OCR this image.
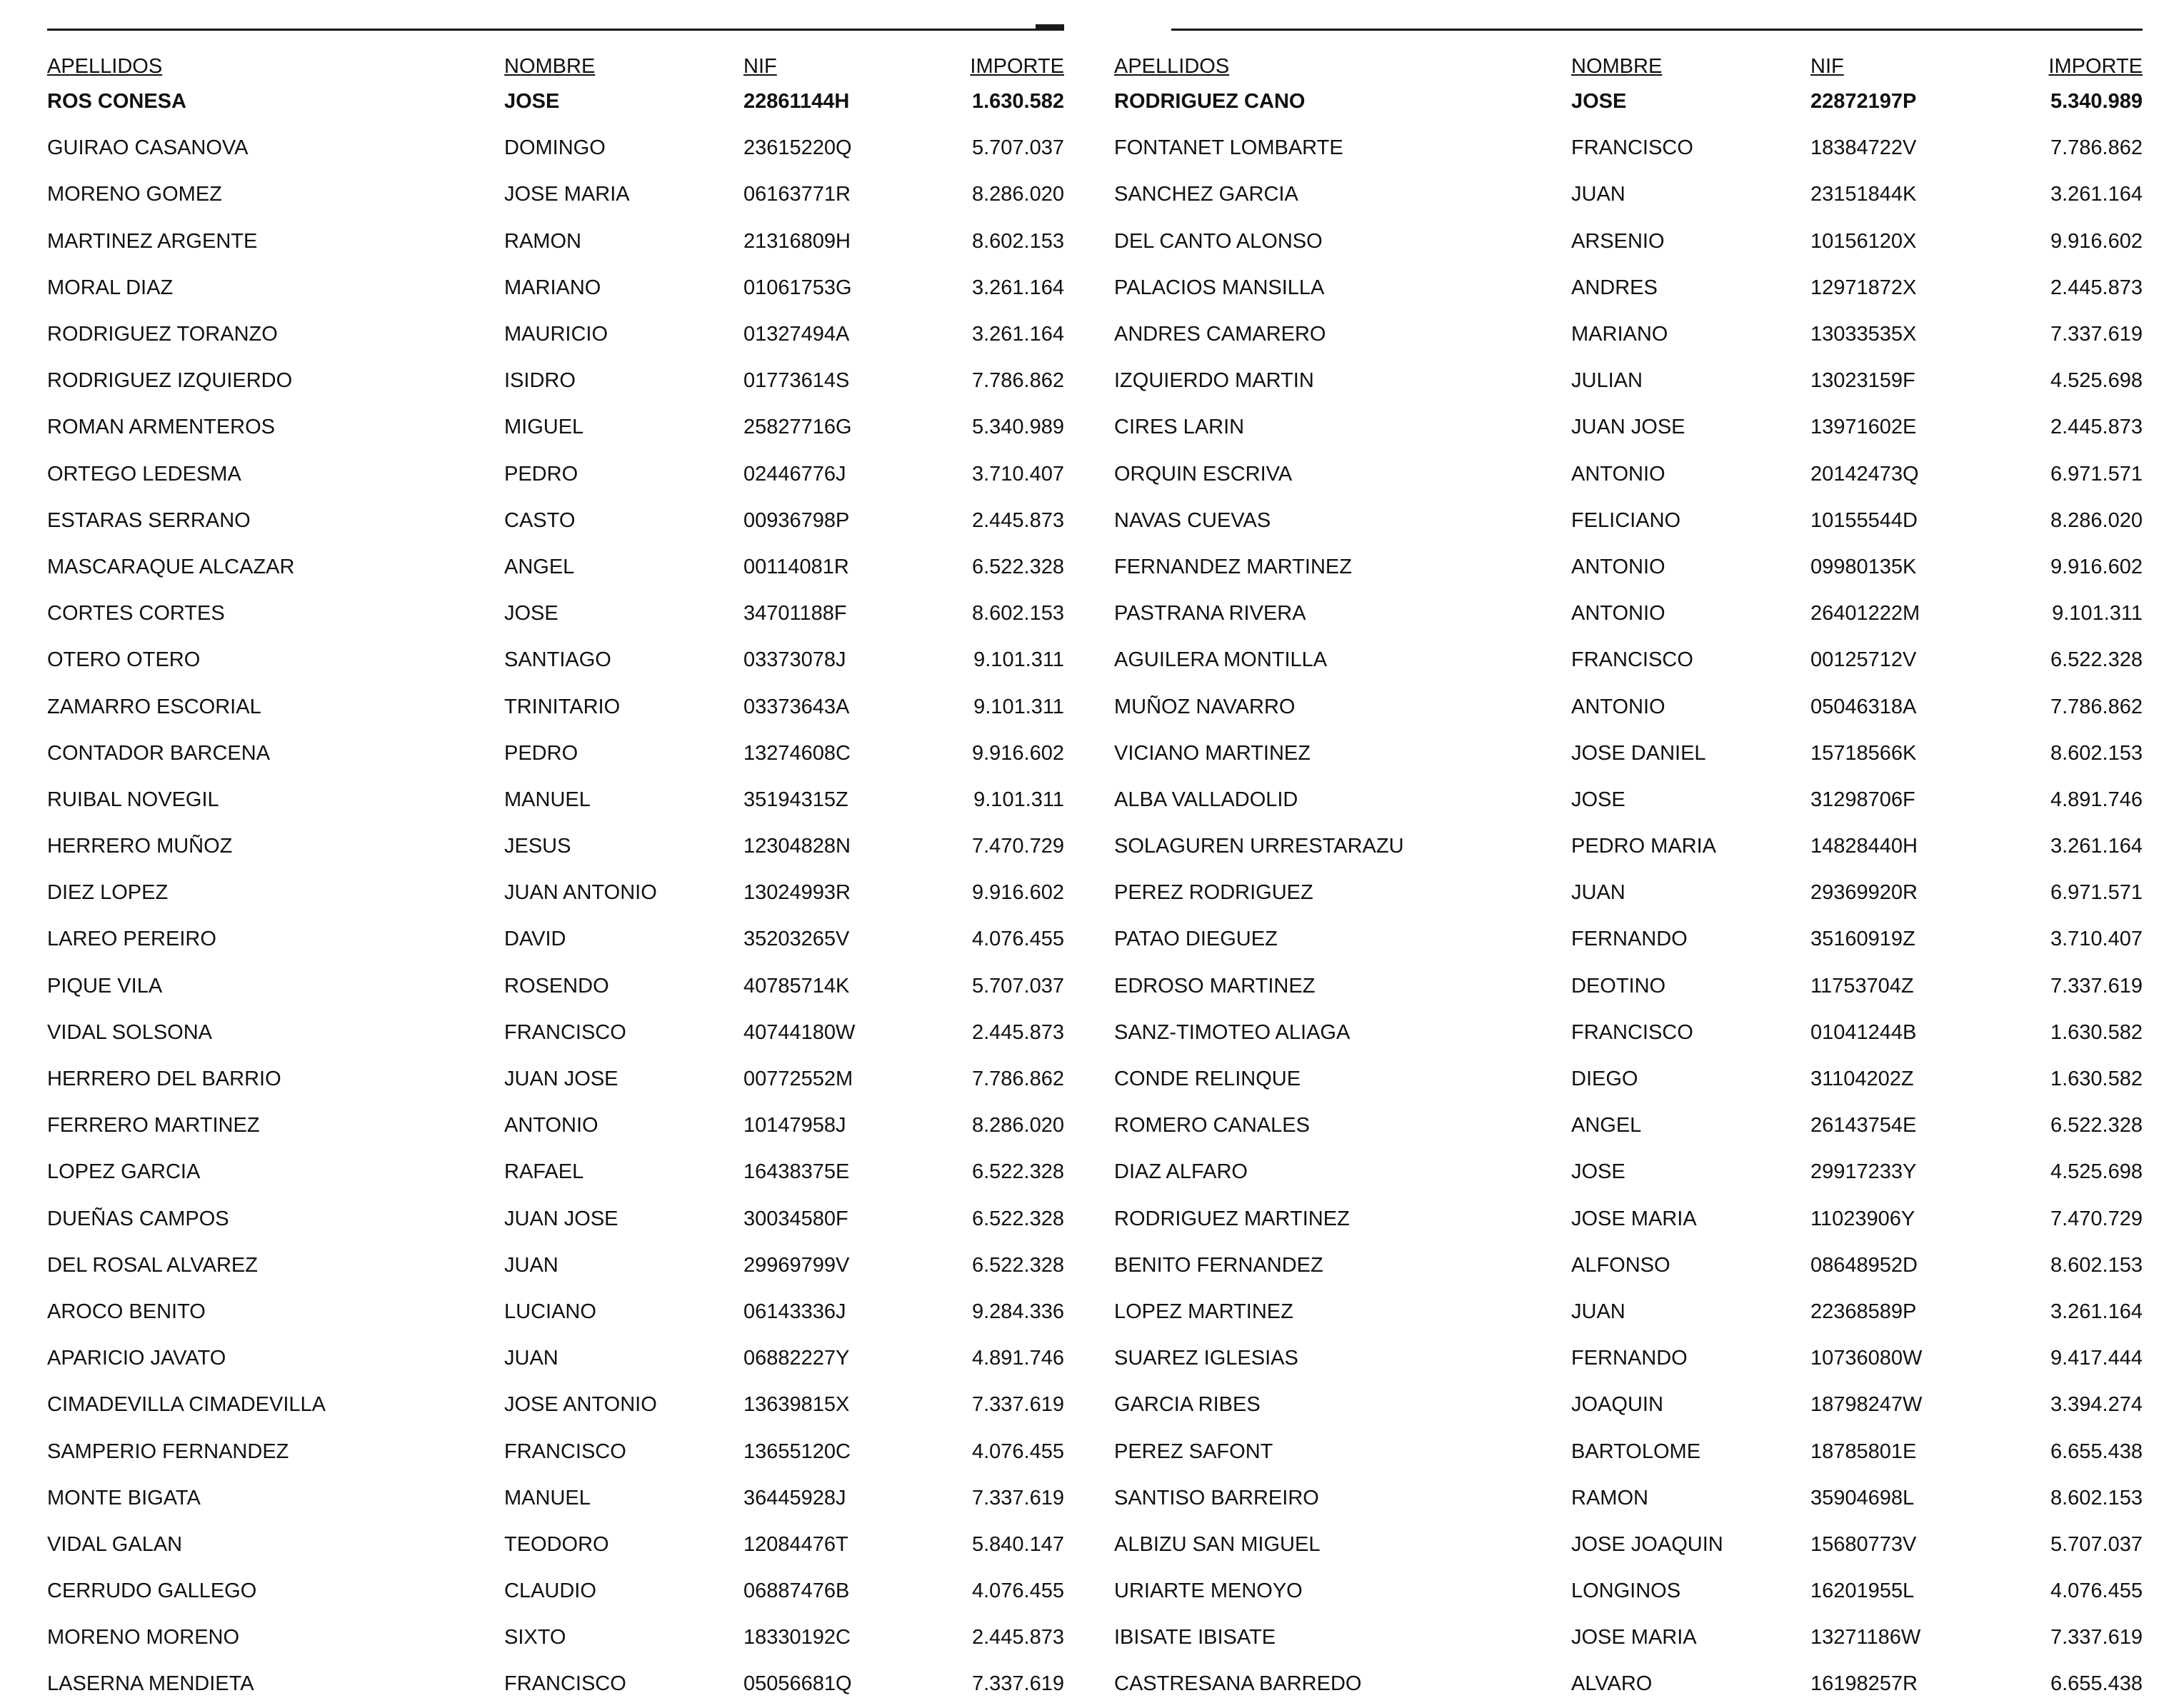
APELLIDOS	NOMBRE	NIF	IMPORTE
ROS CONESA	JOSE	22861144H	1.630.582
GUIRAO CASANOVA	DOMINGO	23615220Q	5.707.037
MORENO GOMEZ	JOSE MARIA	06163771R	8.286.020
MARTINEZ ARGENTE	RAMON	21316809H	8.602.153
MORAL DIAZ	MARIANO	01061753G	3.261.164
RODRIGUEZ TORANZO	MAURICIO	01327494A	3.261.164
RODRIGUEZ IZQUIERDO	ISIDRO	01773614S	7.786.862
ROMAN ARMENTEROS	MIGUEL	25827716G	5.340.989
ORTEGO LEDESMA	PEDRO	02446776J	3.710.407
ESTARAS SERRANO	CASTO	00936798P	2.445.873
MASCARAQUE ALCAZAR	ANGEL	00114081R	6.522.328
CORTES CORTES	JOSE	34701188F	8.602.153
OTERO OTERO	SANTIAGO	03373078J	9.101.311
ZAMARRO ESCORIAL	TRINITARIO	03373643A	9.101.311
CONTADOR BARCENA	PEDRO	13274608C	9.916.602
RUIBAL NOVEGIL	MANUEL	35194315Z	9.101.311
HERRERO MUÑOZ	JESUS	12304828N	7.470.729
DIEZ LOPEZ	JUAN ANTONIO	13024993R	9.916.602
LAREO PEREIRO	DAVID	35203265V	4.076.455
PIQUE VILA	ROSENDO	40785714K	5.707.037
VIDAL SOLSONA	FRANCISCO	40744180W	2.445.873
HERRERO DEL BARRIO	JUAN JOSE	00772552M	7.786.862
FERRERO MARTINEZ	ANTONIO	10147958J	8.286.020
LOPEZ GARCIA	RAFAEL	16438375E	6.522.328
DUEÑAS CAMPOS	JUAN JOSE	30034580F	6.522.328
DEL ROSAL ALVAREZ	JUAN	29969799V	6.522.328
AROCO BENITO	LUCIANO	06143336J	9.284.336
APARICIO JAVATO	JUAN	06882227Y	4.891.746
CIMADEVILLA CIMADEVILLA	JOSE ANTONIO	13639815X	7.337.619
SAMPERIO FERNANDEZ	FRANCISCO	13655120C	4.076.455
MONTE BIGATA	MANUEL	36445928J	7.337.619
VIDAL GALAN	TEODORO	12084476T	5.840.147
CERRUDO GALLEGO	CLAUDIO	06887476B	4.076.455
MORENO MORENO	SIXTO	18330192C	2.445.873
LASERNA MENDIETA	FRANCISCO	05056681Q	7.337.619
APELLIDOS	NOMBRE	NIF	IMPORTE
RODRIGUEZ CANO	JOSE	22872197P	5.340.989
FONTANET LOMBARTE	FRANCISCO	18384722V	7.786.862
SANCHEZ GARCIA	JUAN	23151844K	3.261.164
DEL CANTO ALONSO	ARSENIO	10156120X	9.916.602
PALACIOS MANSILLA	ANDRES	12971872X	2.445.873
ANDRES CAMARERO	MARIANO	13033535X	7.337.619
IZQUIERDO MARTIN	JULIAN	13023159F	4.525.698
CIRES LARIN	JUAN JOSE	13971602E	2.445.873
ORQUIN ESCRIVA	ANTONIO	20142473Q	6.971.571
NAVAS CUEVAS	FELICIANO	10155544D	8.286.020
FERNANDEZ MARTINEZ	ANTONIO	09980135K	9.916.602
PASTRANA RIVERA	ANTONIO	26401222M	9.101.311
AGUILERA MONTILLA	FRANCISCO	00125712V	6.522.328
MUÑOZ NAVARRO	ANTONIO	05046318A	7.786.862
VICIANO MARTINEZ	JOSE DANIEL	15718566K	8.602.153
ALBA VALLADOLID	JOSE	31298706F	4.891.746
SOLAGUREN URRESTARAZU	PEDRO MARIA	14828440H	3.261.164
PEREZ RODRIGUEZ	JUAN	29369920R	6.971.571
PATAO DIEGUEZ	FERNANDO	35160919Z	3.710.407
EDROSO MARTINEZ	DEOTINO	11753704Z	7.337.619
SANZ-TIMOTEO ALIAGA	FRANCISCO	01041244B	1.630.582
CONDE RELINQUE	DIEGO	31104202Z	1.630.582
ROMERO CANALES	ANGEL	26143754E	6.522.328
DIAZ ALFARO	JOSE	29917233Y	4.525.698
RODRIGUEZ MARTINEZ	JOSE MARIA	11023906Y	7.470.729
BENITO FERNANDEZ	ALFONSO	08648952D	8.602.153
LOPEZ MARTINEZ	JUAN	22368589P	3.261.164
SUAREZ IGLESIAS	FERNANDO	10736080W	9.417.444
GARCIA RIBES	JOAQUIN	18798247W	3.394.274
PEREZ SAFONT	BARTOLOME	18785801E	6.655.438
SANTISO BARREIRO	RAMON	35904698L	8.602.153
ALBIZU SAN MIGUEL	JOSE JOAQUIN	15680773V	5.707.037
URIARTE MENOYO	LONGINOS	16201955L	4.076.455
IBISATE IBISATE	JOSE MARIA	13271186W	7.337.619
CASTRESANA BARREDO	ALVARO	16198257R	6.655.438
